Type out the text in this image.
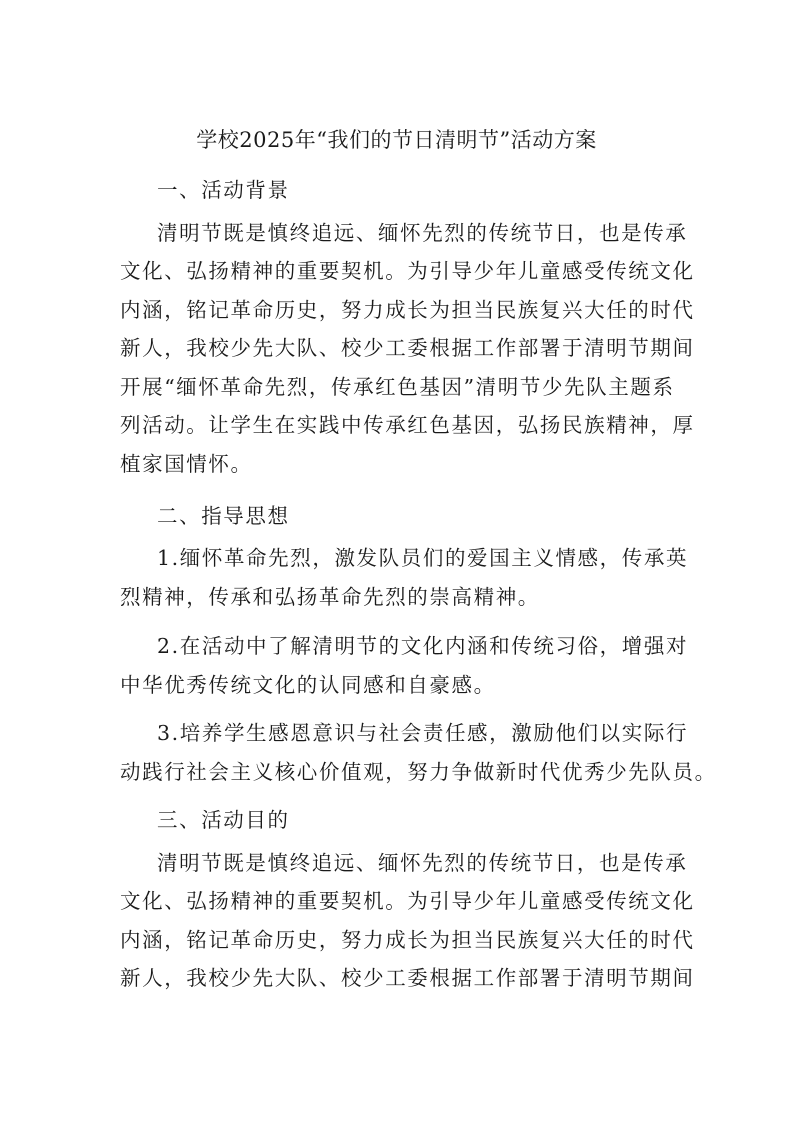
学校2025年“我们的节日清明节”活动方案
一、活动背景
清明节既是慎终追远、缅怀先烈的传统节日，也是传承
文化、弘扬精神的重要契机。为引导少年儿童感受传统文化
内涵，铭记革命历史，努力成长为担当民族复兴大任的时代
新人，我校少先大队、校少工委根据工作部署于清明节期间
开展“缅怀革命先烈，传承红色基因”清明节少先队主题系
列活动。让学生在实践中传承红色基因，弘扬民族精神，厚
植家国情怀。
二、指导思想
1.缅怀革命先烈，激发队员们的爱国主义情感，传承英
烈精神，传承和弘扬革命先烈的崇高精神。
2.在活动中了解清明节的文化内涵和传统习俗，增强对
中华优秀传统文化的认同感和自豪感。
3.培养学生感恩意识与社会责任感，激励他们以实际行
动践行社会主义核心价值观，努力争做新时代优秀少先队员。
三、活动目的
清明节既是慎终追远、缅怀先烈的传统节日，也是传承
文化、弘扬精神的重要契机。为引导少年儿童感受传统文化
内涵，铭记革命历史，努力成长为担当民族复兴大任的时代
新人，我校少先大队、校少工委根据工作部署于清明节期间
